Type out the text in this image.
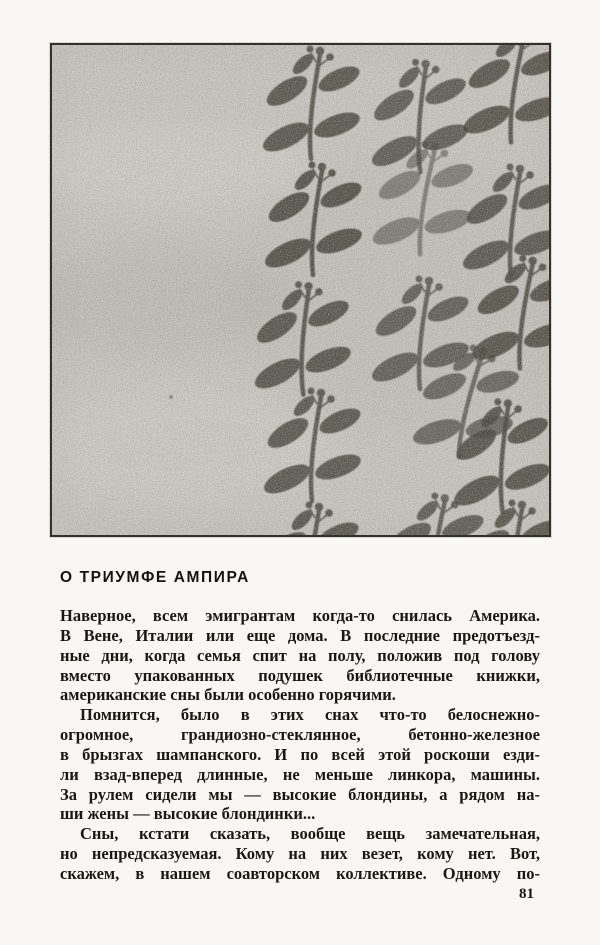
О ТРИУМФЕ АМПИРА
Наверное, всем эмигрантам когда-то снилась Америка.
В Вене, Италии или еще дома. В последние предотъезд-
ные дни, когда семья спит на полу, положив под голову
вместо упакованных подушек библиотечные книжки,
американские сны были особенно горячими.
Помнится, было в этих снах что-то белоснежно-
огромное, грандиозно-стеклянное, бетонно-железное
в брызгах шампанского. И по всей этой роскоши езди-
ли взад-вперед длинные, не меньше линкора, машины.
За рулем сидели мы — высокие блондины, а рядом на-
ши жены — высокие блондинки...
Сны, кстати сказать, вообще вещь замечательная,
но непредсказуемая. Кому на них везет, кому нет. Вот,
скажем, в нашем соавторском коллективе. Одному по-
81
